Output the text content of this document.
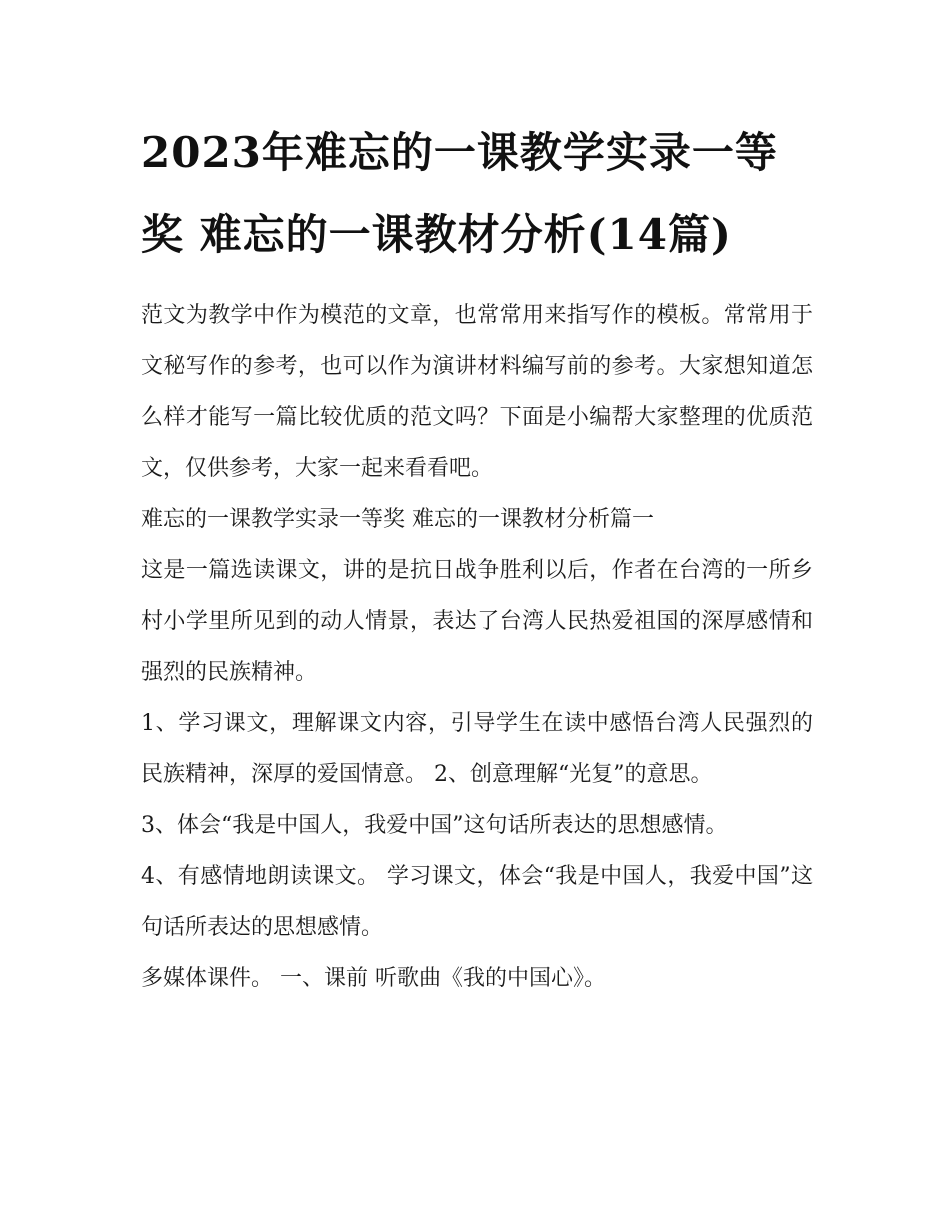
2023年难忘的一课教学实录一等奖 难忘的一课教材分析(14篇)

范文为教学中作为模范的文章，也常常用来指写作的模板。常常用于文秘写作的参考，也可以作为演讲材料编写前的参考。大家想知道怎么样才能写一篇比较优质的范文吗？下面是小编帮大家整理的优质范文，仅供参考，大家一起来看看吧。

难忘的一课教学实录一等奖 难忘的一课教材分析篇一

这是一篇选读课文，讲的是抗日战争胜利以后，作者在台湾的一所乡村小学里所见到的动人情景，表达了台湾人民热爱祖国的深厚感情和强烈的民族精神。

1、学习课文，理解课文内容，引导学生在读中感悟台湾人民强烈的民族精神，深厚的爱国情意。 2、创意理解“光复”的意思。

3、体会“我是中国人，我爱中国”这句话所表达的思想感情。

4、有感情地朗读课文。 学习课文，体会“我是中国人，我爱中国”这句话所表达的思想感情。

多媒体课件。 一、课前 听歌曲《我的中国心》。
